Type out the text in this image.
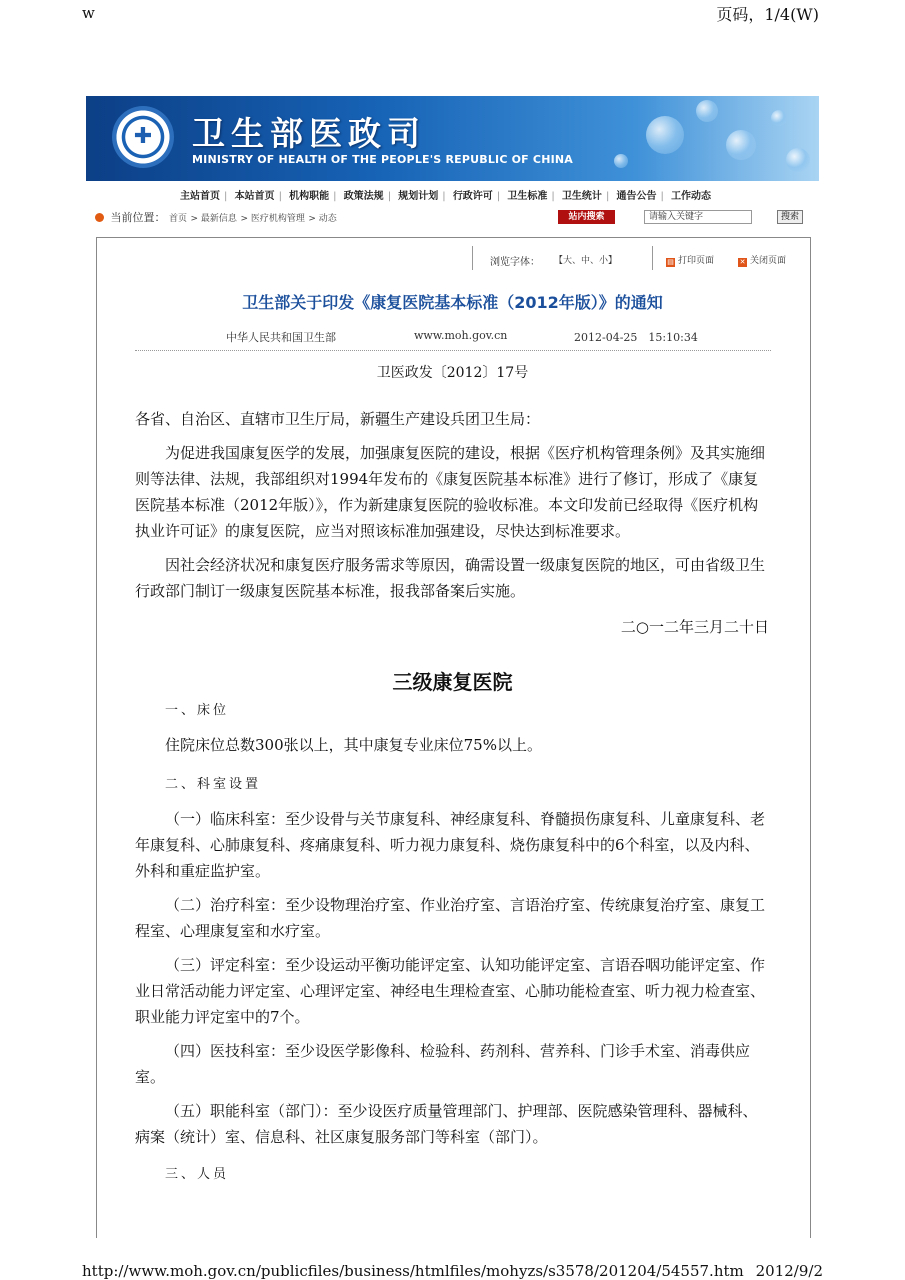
w	页码，1/4(W)
✚ 卫生部医政司
MINISTRY OF HEALTH OF THE PEOPLE'S REPUBLIC OF CHINA
主站首页 | 本站首页 | 机构职能 | 政策法规 | 规划计划 | 行政许可 | 卫生标准 | 卫生统计 | 通告公告 | 工作动态
当前位置： 首页 > 最新信息 > 医疗机构管理 > 动态	站内搜索	请输入关键字	搜索
浏览字体： 【大、中、小】	▤ 打印页面	✕ 关闭页面
卫生部关于印发《康复医院基本标准（2012年版）》的通知
中华人民共和国卫生部	www.moh.gov.cn	2012-04-25　15:10:34
卫医政发〔2012〕17号
各省、自治区、直辖市卫生厅局，新疆生产建设兵团卫生局：
为促进我国康复医学的发展，加强康复医院的建设，根据《医疗机构管理条例》及其实施细则等法律、法规，我部组织对1994年发布的《康复医院基本标准》进行了修订，形成了《康复医院基本标准（2012年版）》，作为新建康复医院的验收标准。本文印发前已经取得《医疗机构执业许可证》的康复医院，应当对照该标准加强建设，尽快达到标准要求。
因社会经济状况和康复医疗服务需求等原因，确需设置一级康复医院的地区，可由省级卫生行政部门制订一级康复医院基本标准，报我部备案后实施。
二○一二年三月二十日
三级康复医院
一、床位
住院床位总数300张以上，其中康复专业床位75%以上。
二、科室设置
（一）临床科室：至少设骨与关节康复科、神经康复科、脊髓损伤康复科、儿童康复科、老年康复科、心肺康复科、疼痛康复科、听力视力康复科、烧伤康复科中的6个科室，以及内科、外科和重症监护室。
（二）治疗科室：至少设物理治疗室、作业治疗室、言语治疗室、传统康复治疗室、康复工程室、心理康复室和水疗室。
（三）评定科室：至少设运动平衡功能评定室、认知功能评定室、言语吞咽功能评定室、作业日常活动能力评定室、心理评定室、神经电生理检查室、心肺功能检查室、听力视力检查室、职业能力评定室中的7个。
（四）医技科室：至少设医学影像科、检验科、药剂科、营养科、门诊手术室、消毒供应室。
（五）职能科室（部门）：至少设医疗质量管理部门、护理部、医院感染管理科、器械科、病案（统计）室、信息科、社区康复服务部门等科室（部门）。
三、人员
http://www.moh.gov.cn/publicfiles/business/htmlfiles/mohyzs/s3578/201204/54557.htm 2012/9/2
